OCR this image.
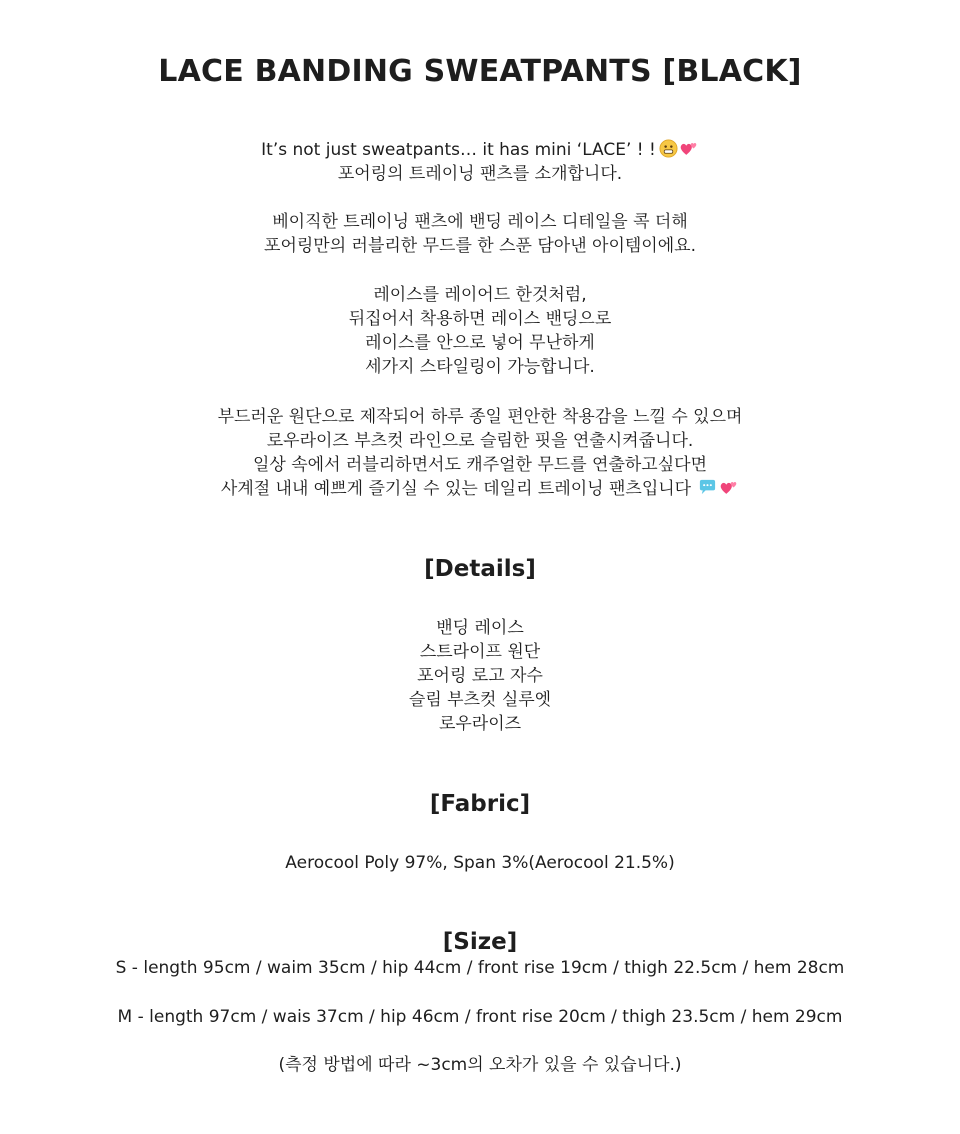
LACE BANDING SWEATPANTS [BLACK]
It’s not just sweatpants… it has mini ‘LACE’ ! !
포어링의 트레이닝 팬츠를 소개합니다.
베이직한 트레이닝 팬츠에 밴딩 레이스 디테일을 콕 더해
포어링만의 러블리한 무드를 한 스푼 담아낸 아이템이에요.
레이스를 레이어드 한것처럼,
뒤집어서 착용하면 레이스 밴딩으로
레이스를 안으로 넣어 무난하게
세가지 스타일링이 가능합니다.
부드러운 원단으로 제작되어 하루 종일 편안한 착용감을 느낄 수 있으며
로우라이즈 부츠컷 라인으로 슬림한 핏을 연출시켜줍니다.
일상 속에서 러블리하면서도 캐주얼한 무드를 연출하고싶다면
사계절 내내 예쁘게 즐기실 수 있는 데일리 트레이닝 팬츠입니다
[Details]
밴딩 레이스
스트라이프 원단
포어링 로고 자수
슬림 부츠컷 실루엣
로우라이즈
[Fabric]
Aerocool Poly 97%, Span 3%(Aerocool 21.5%)
[Size]
S - length 95cm / waim 35cm / hip 44cm / front rise 19cm / thigh 22.5cm / hem 28cm
M - length 97cm / wais 37cm / hip 46cm / front rise 20cm / thigh 23.5cm / hem 29cm
(측정 방법에 따라 ~3cm의 오차가 있을 수 있습니다.)
